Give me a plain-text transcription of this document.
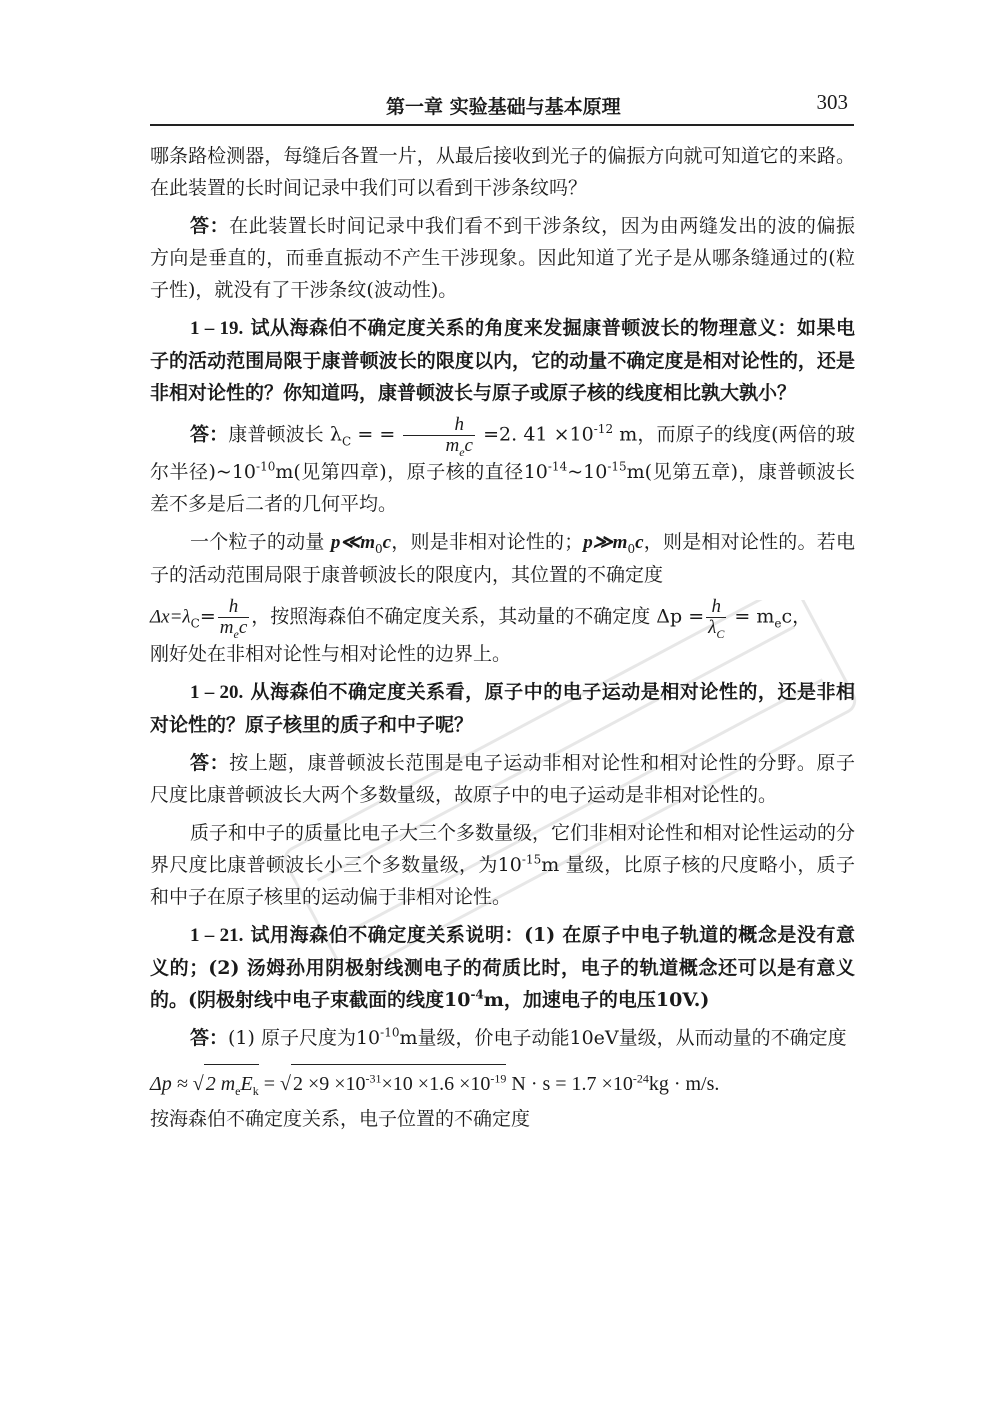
第一章 实验基础与基本原理	303

哪条路检测器，每缝后各置一片，从最后接收到光子的偏振方向就可知道它的来路。在此装置的长时间记录中我们可以看到干涉条纹吗？

答：在此装置长时间记录中我们看不到干涉条纹，因为由两缝发出的波的偏振方向是垂直的，而垂直振动不产生干涉现象。因此知道了光子是从哪条缝通过的(粒子性)，就没有了干涉条纹(波动性)。

1 – 19. 试从海森伯不确定度关系的角度来发掘康普顿波长的物理意义：如果电子的活动范围局限于康普顿波长的限度以内，它的动量不确定度是相对论性的，还是非相对论性的？你知道吗，康普顿波长与原子或原子核的线度相比孰大孰小？

答：康普顿波长 $\lambda_C$ = = $\frac{h}{m_ec} =2$. $41 \times 10^{-12}$ m，而原子的线度(两倍的玻尔半径)$\sim 10^{-10}m$(见第四章)，原子核的直径$10^{-14}\sim 10^{-15}m$(见第五章)，康普顿波长差不多是后二者的几何平均。

一个粒子的动量 $p≪m_0c$，则是非相对论性的；$p≫m_0c$，则是相对论性的。若电子的活动范围局限于康普顿波长的限度内，其位置的不确定度

$\Delta x=\lambda_C= \frac{h}{m_ec}$ ，按照海森伯不确定度关系，其动量的不确定度 $\Delta p = \frac{h}{\lambda_C} = m_ec$，

刚好处在非相对论性与相对论性的边界上。

1 – 20. 从海森伯不确定度关系看，原子中的电子运动是相对论性的，还是非相对论性的？原子核里的质子和中子呢？

答：按上题，康普顿波长范围是电子运动非相对论性和相对论性的分野。原子尺度比康普顿波长大两个多数量级，故原子中的电子运动是非相对论性的。

质子和中子的质量比电子大三个多数量级，它们非相对论性和相对论性运动的分界尺度比康普顿波长小三个多数量级，为$10^{-15}m$ 量级，比原子核的尺度略小，质子和中子在原子核里的运动偏于非相对论性。

1 – 21. 试用海森伯不确定度关系说明：(1) 在原子中电子轨道的概念是没有意义的；(2) 汤姆孙用阴极射线测电子的荷质比时，电子的轨道概念还可以是有意义的。(阴极射线中电子束截面的线度$10^{-4}m$，加速电子的电压10V.)

答：(1) 原子尺度为$10^{-10}m$量级，价电子动能10eV量级，从而动量的不确定度

Δp ≈ √ 2 $m_eE_k$ = √ $2 \times 9 \times 10^{-31}\times 10 \times 1.6 \times 10^{-19}$ $N \cdot s = 1.7 \times 10^{-24}kg \cdot m/s$.

按海森伯不确定度关系，电子位置的不确定度
